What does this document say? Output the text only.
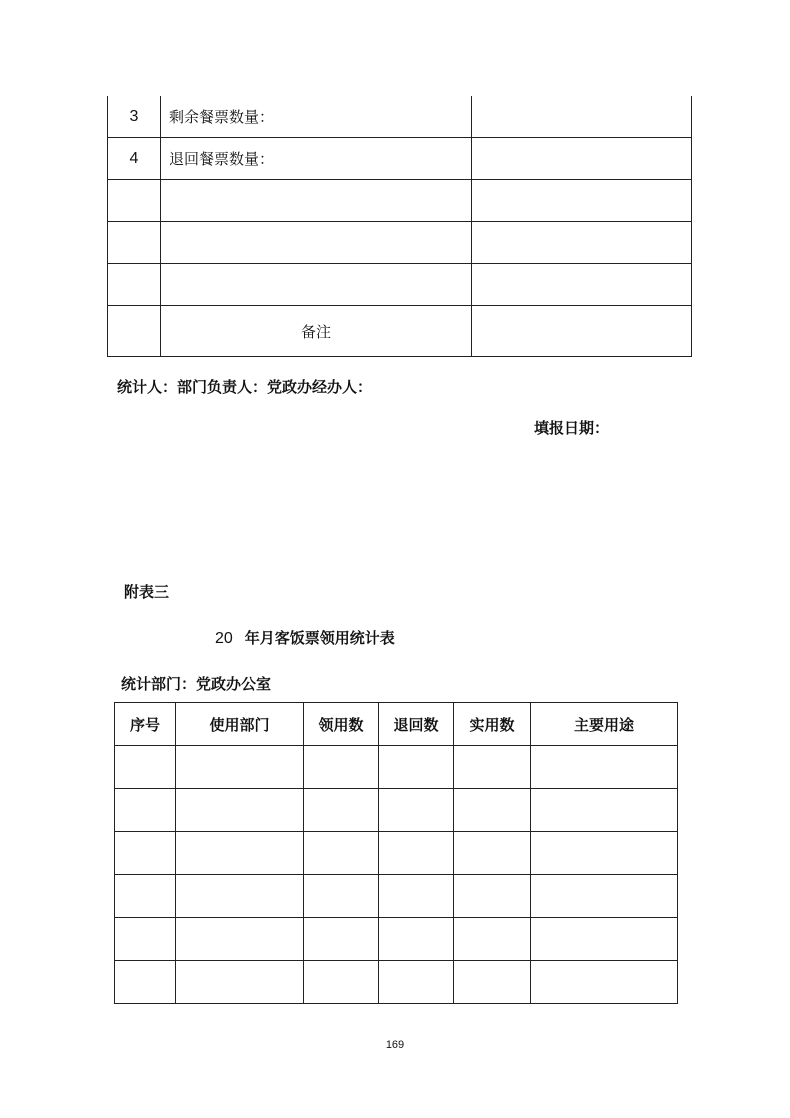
3	剩余餐票数量：	
4	退回餐票数量：	

	备注	
统计人：部门负责人：党政办经办人：
填报日期：
附表三
20 年月客饭票领用统计表
统计部门：党政办公室
序号	使用部门	领用数	退回数	实用数	主要用途

169
